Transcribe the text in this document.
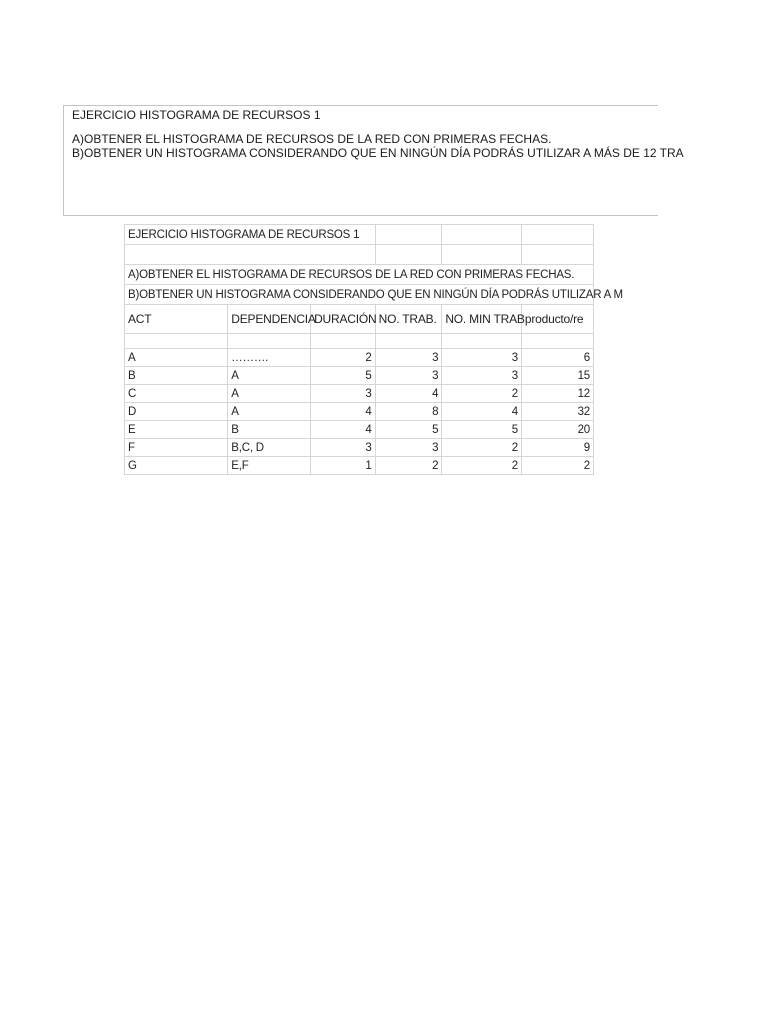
EJERCICIO HISTOGRAMA DE RECURSOS 1
A)OBTENER EL HISTOGRAMA DE RECURSOS DE LA RED CON PRIMERAS FECHAS.
B)OBTENER UN HISTOGRAMA CONSIDERANDO QUE EN NINGÚN DÍA PODRÁS UTILIZAR A MÁS DE 12 TRA
EJERCICIO HISTOGRAMA DE RECURSOS 1					

A)OBTENER EL HISTOGRAMA DE RECURSOS DE LA RED CON PRIMERAS FECHAS.					
B)OBTENER UN HISTOGRAMA CONSIDERANDO QUE EN NINGÚN DÍA PODRÁS UTILIZAR A M					
ACT	DEPENDENCIA	DURACIÓN	NO. TRAB.	NO. MIN TRAB	producto/re

A	……….	2	3	3	6
B	A	5	3	3	15
C	A	3	4	2	12
D	A	4	8	4	32
E	B	4	5	5	20
F	B,C, D	3	3	2	9
G	E,F	1	2	2	2
